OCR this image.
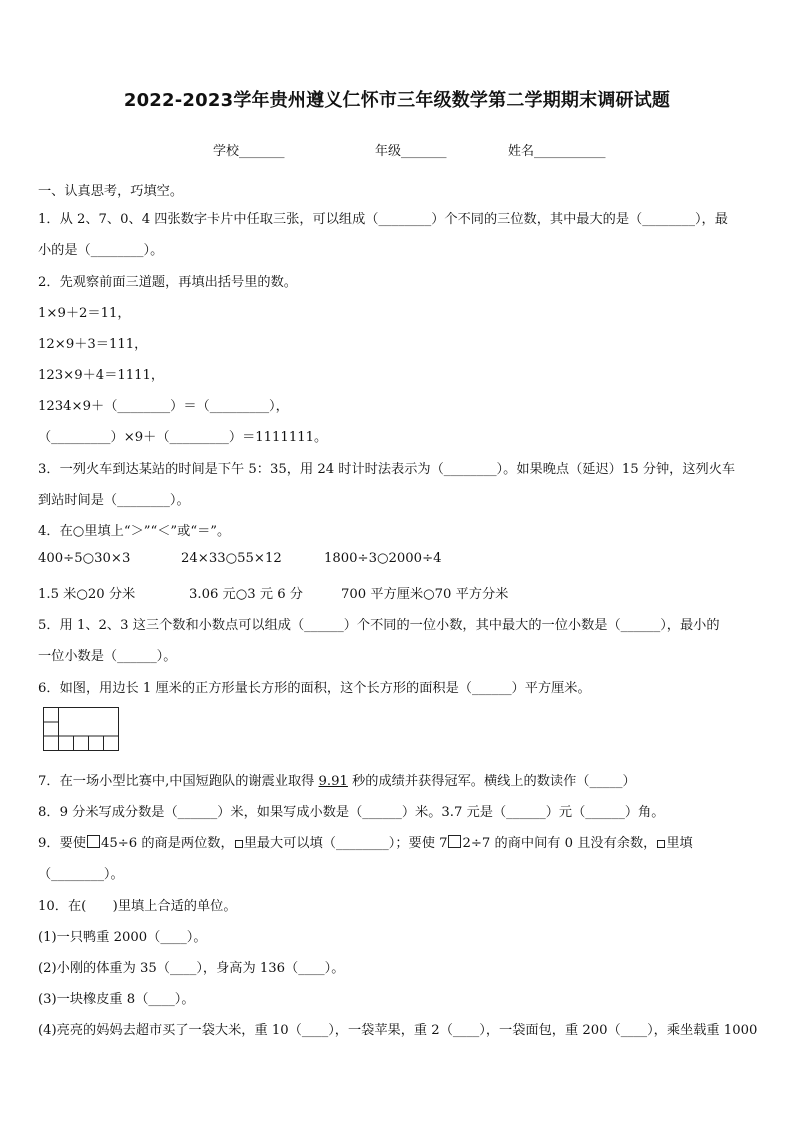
2022-2023学年贵州遵义仁怀市三年级数学第二学期期末调研试题
学校_______	年级_______	姓名___________
一、认真思考，巧填空。
1．从 2、7、0、4 四张数字卡片中任取三张，可以组成（________）个不同的三位数，其中最大的是（________），最
小的是（________）。
2．先观察前面三道题，再填出括号里的数。
1×9＋2＝11，
12×9＋3＝111，
123×9＋4＝1111，
1234×9＋（________）＝（_________），
（_________）×9＋（_________）＝1111111。
3．一列火车到达某站的时间是下午 5：35，用 24 时计时法表示为（________）。如果晚点（延迟）15 分钟，这列火车
到站时间是（________）。
4．在○里填上“＞”“＜”或“＝”。
400÷5○30×3	24×33○55×12	1800÷3○2000÷4
1.5 米○20 分米	3.06 元○3 元 6 分	700 平方厘米○70 平方分米
5．用 1、2、3 这三个数和小数点可以组成（______）个不同的一位小数，其中最大的一位小数是（______），最小的
一位小数是（______）。
6．如图，用边长 1 厘米的正方形量长方形的面积，这个长方形的面积是（______）平方厘米。
7．在一场小型比赛中,中国短跑队的谢震业取得 9.91 秒的成绩并获得冠军。横线上的数读作（_____）
8．9 分米写成分数是（______）米，如果写成小数是（______）米。3.7 元是（______）元（______）角。
9．要使 45÷6 的商是两位数， 里最大可以填（________）；要使 7 2÷7 的商中间有 0 且没有余数， 里填
（________）。
10．在(　　)里填上合适的单位。
(1)一只鸭重 2000（____）。
(2)小刚的体重为 35（____），身高为 136（____）。
(3)一块橡皮重 8（____）。
(4)亮亮的妈妈去超市买了一袋大米，重 10（____），一袋苹果，重 2（____），一袋面包，重 200（____），乘坐载重 1000
